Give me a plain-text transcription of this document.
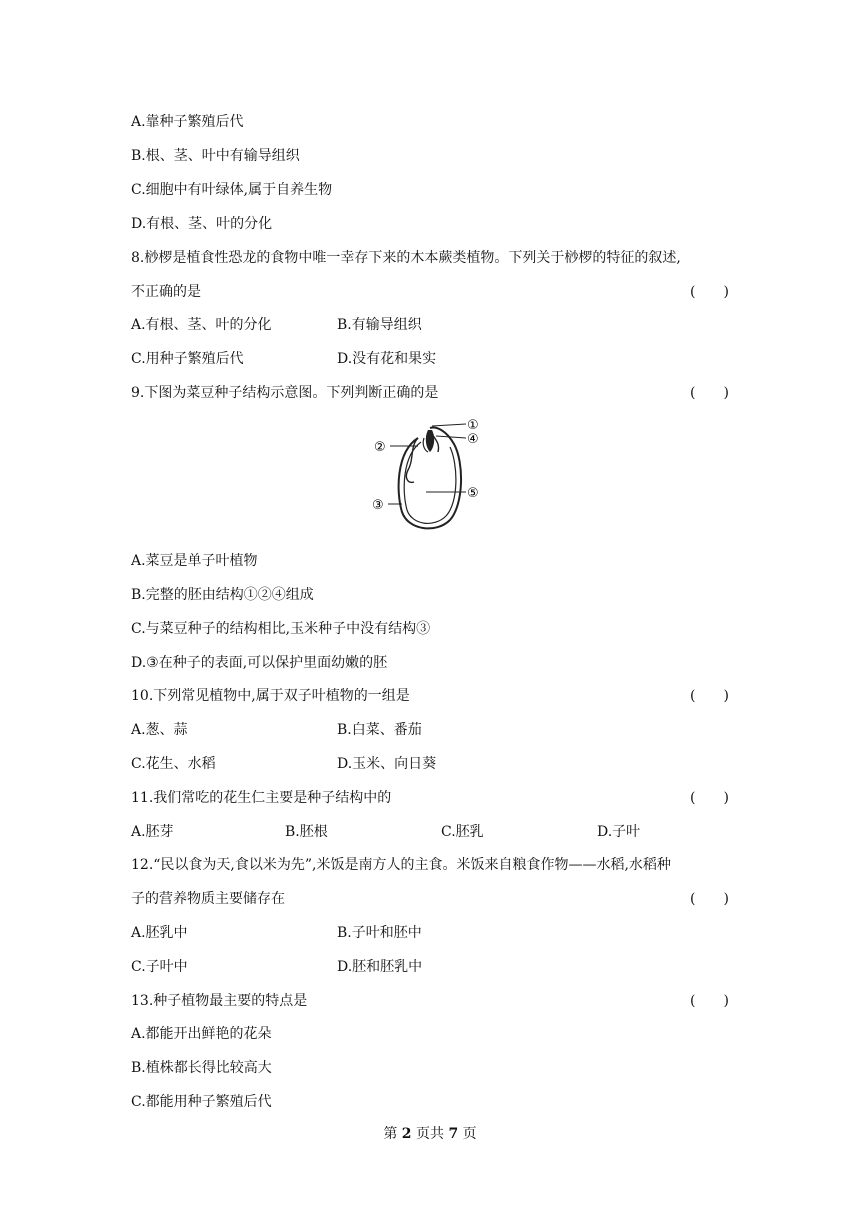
A.靠种子繁殖后代
B.根、茎、叶中有输导组织
C.细胞中有叶绿体,属于自养生物
D.有根、茎、叶的分化
8.桫椤是植食性恐龙的食物中唯一幸存下来的木本蕨类植物。下列关于桫椤的特征的叙述,
不正确的是	(　　)
A.有根、茎、叶的分化	B.有输导组织
C.用种子繁殖后代	D.没有花和果实
9.下图为菜豆种子结构示意图。下列判断正确的是	(　　)
①
②
③
④
⑤
A.菜豆是单子叶植物
B.完整的胚由结构①②④组成
C.与菜豆种子的结构相比,玉米种子中没有结构③
D.③在种子的表面,可以保护里面幼嫩的胚
10.下列常见植物中,属于双子叶植物的一组是	(　　)
A.葱、蒜	B.白菜、番茄
C.花生、水稻	D.玉米、向日葵
11.我们常吃的花生仁主要是种子结构中的	(　　)
A.胚芽	B.胚根	C.胚乳	D.子叶
12.“民以食为天,食以米为先”,米饭是南方人的主食。米饭来自粮食作物——水稻,水稻种
子的营养物质主要储存在	(　　)
A.胚乳中	B.子叶和胚中
C.子叶中	D.胚和胚乳中
13.种子植物最主要的特点是	(　　)
A.都能开出鲜艳的花朵
B.植株都长得比较高大
C.都能用种子繁殖后代
第 2 页共 7 页
